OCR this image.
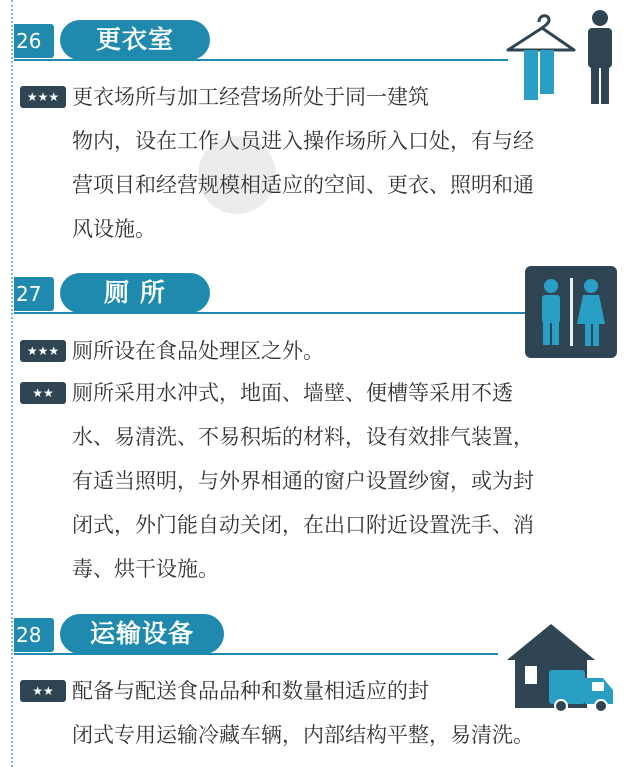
26	更衣室
★★★ 更衣场所与加工经营场所处于同一建筑
物内，设在工作人员进入操作场所入口处，有与经
营项目和经营规模相适应的空间、更衣、照明和通
风设施。
27	厕 所
★★★ 厕所设在食品处理区之外。
★★ 厕所采用水冲式，地面、墙壁、便槽等采用不透
水、易清洗、不易积垢的材料，设有效排气装置，
有适当照明，与外界相通的窗户设置纱窗，或为封
闭式，外门能自动关闭，在出口附近设置洗手、消
毒、烘干设施。
28	运输设备
★★ 配备与配送食品品种和数量相适应的封
闭式专用运输冷藏车辆，内部结构平整，易清洗。
